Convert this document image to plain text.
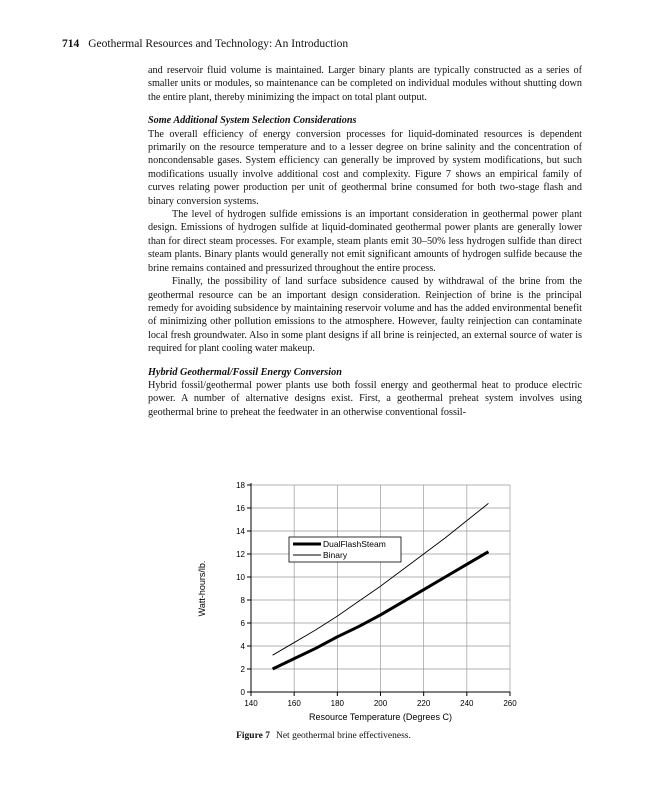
714 Geothermal Resources and Technology: An Introduction

and reservoir fluid volume is maintained. Larger binary plants are typically constructed as a series of smaller units or modules, so maintenance can be completed on individual modules without shutting down the entire plant, thereby minimizing the impact on total plant output.

Some Additional System Selection Considerations

The overall efficiency of energy conversion processes for liquid-dominated resources is dependent primarily on the resource temperature and to a lesser degree on brine salinity and the concentration of noncondensable gases. System efficiency can generally be improved by system modifications, but such modifications usually involve additional cost and complexity. Figure 7 shows an empirical family of curves relating power production per unit of geothermal brine consumed for both two-stage flash and binary conversion systems.

The level of hydrogen sulfide emissions is an important consideration in geothermal power plant design. Emissions of hydrogen sulfide at liquid-dominated geothermal power plants are generally lower than for direct steam processes. For example, steam plants emit 30–50% less hydrogen sulfide than direct steam plants. Binary plants would generally not emit significant amounts of hydrogen sulfide because the brine remains contained and pressurized throughout the entire process.

Finally, the possibility of land surface subsidence caused by withdrawal of the brine from the geothermal resource can be an important design consideration. Reinjection of brine is the principal remedy for avoiding subsidence by maintaining reservoir volume and has the added environmental benefit of minimizing other pollution emissions to the atmosphere. However, faulty reinjection can contaminate local fresh groundwater. Also in some plant designs if all brine is reinjected, an external source of water is required for plant cooling water makeup.

Hybrid Geothermal/Fossil Energy Conversion

Hybrid fossil/geothermal power plants use both fossil energy and geothermal heat to produce electric power. A number of alternative designs exist. First, a geothermal preheat system involves using geothermal brine to preheat the feedwater in an otherwise conventional fossil-

140	160	180	200	220	240	260
0
2
4
6
8
10
12
14
16
18
Resource Temperature (Degrees C)
Watt-hours/lb.
DualFlashSteam
Binary
Figure 7 Net geothermal brine effectiveness.
